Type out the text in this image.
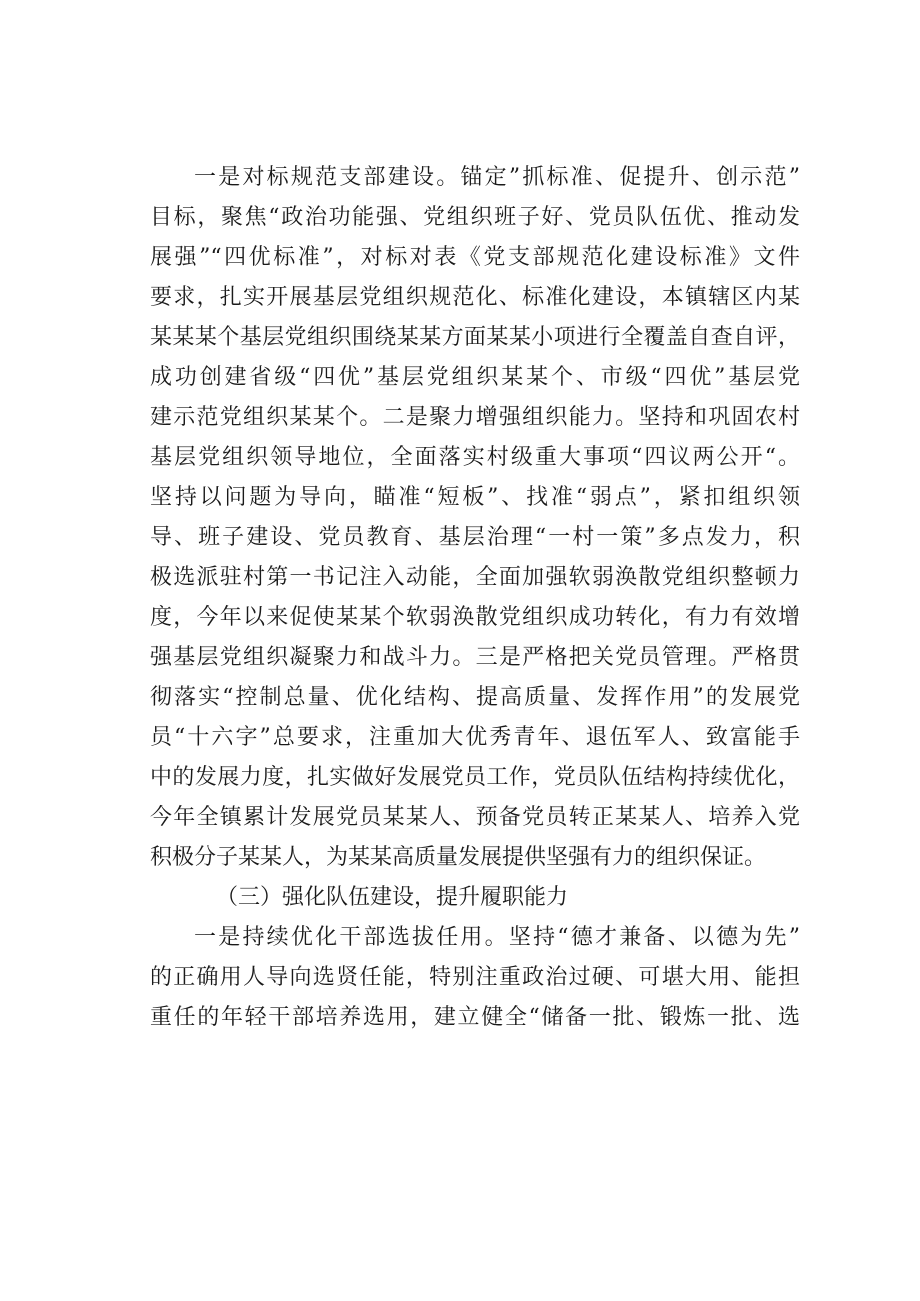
一是对标规范支部建设。锚定”抓标准、促提升、创示范”
目标，聚焦“政治功能强、党组织班子好、党员队伍优、推动发
展强”“四优标准”，对标对表《党支部规范化建设标准》文件
要求，扎实开展基层党组织规范化、标准化建设，本镇辖区内某
某某某个基层党组织围绕某某方面某某小项进行全覆盖自查自评，
成功创建省级“四优”基层党组织某某个、市级“四优”基层党
建示范党组织某某个。二是聚力增强组织能力。坚持和巩固农村
基层党组织领导地位，全面落实村级重大事项“四议两公开“。
坚持以问题为导向，瞄准“短板”、找准“弱点”，紧扣组织领
导、班子建设、党员教育、基层治理“一村一策”多点发力，积
极选派驻村第一书记注入动能，全面加强软弱涣散党组织整顿力
度，今年以来促使某某个软弱涣散党组织成功转化，有力有效增
强基层党组织凝聚力和战斗力。三是严格把关党员管理。严格贯
彻落实“控制总量、优化结构、提高质量、发挥作用”的发展党
员“十六字”总要求，注重加大优秀青年、退伍军人、致富能手
中的发展力度，扎实做好发展党员工作，党员队伍结构持续优化，
今年全镇累计发展党员某某人、预备党员转正某某人、培养入党
积极分子某某人，为某某高质量发展提供坚强有力的组织保证。
（三）强化队伍建设，提升履职能力
一是持续优化干部选拔任用。坚持“德才兼备、以德为先”
的正确用人导向选贤任能，特别注重政治过硬、可堪大用、能担
重任的年轻干部培养选用，建立健全“储备一批、锻炼一批、选
